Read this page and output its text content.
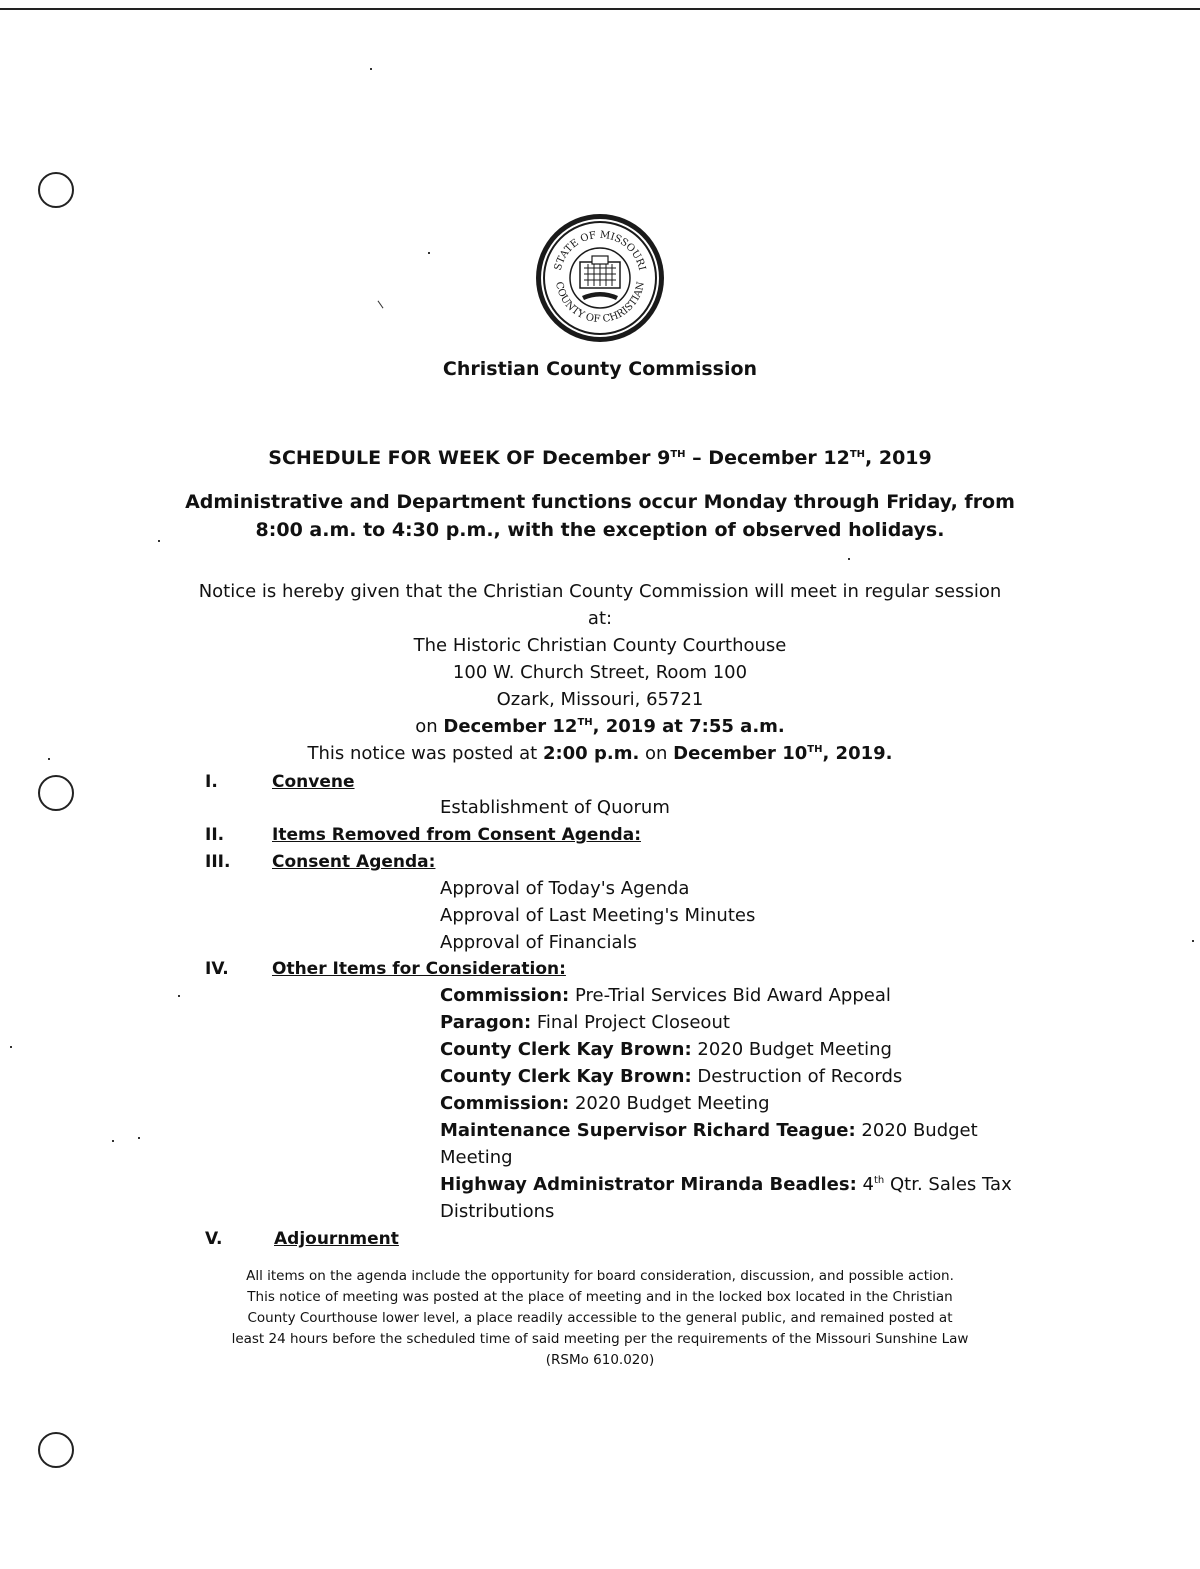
STATE OF MISSOURI
COUNTY OF CHRISTIAN
Christian County Commission
SCHEDULE FOR WEEK OF December 9TH – December 12TH, 2019
Administrative and Department functions occur Monday through Friday, from
8:00 a.m. to 4:30 p.m., with the exception of observed holidays.
Notice is hereby given that the Christian County Commission will meet in regular session
at:
The Historic Christian County Courthouse
100 W. Church Street, Room 100
Ozark, Missouri, 65721
on December 12TH, 2019 at 7:55 a.m.
This notice was posted at 2:00 p.m. on December 10TH, 2019.
I.	Convene
Establishment of Quorum
II.	Items Removed from Consent Agenda:
III. Consent Agenda:
Approval of Today's Agenda
Approval of Last Meeting's Minutes
Approval of Financials
IV.	Other Items for Consideration:
Commission: Pre-Trial Services Bid Award Appeal
Paragon: Final Project Closeout
County Clerk Kay Brown: 2020 Budget Meeting
County Clerk Kay Brown: Destruction of Records
Commission: 2020 Budget Meeting
Maintenance Supervisor Richard Teague: 2020 Budget Meeting
Highway Administrator Miranda Beadles: 4th Qtr. Sales Tax Distributions
V.	Adjournment
All items on the agenda include the opportunity for board consideration, discussion, and possible action.
This notice of meeting was posted at the place of meeting and in the locked box located in the Christian
County Courthouse lower level, a place readily accessible to the general public, and remained posted at
least 24 hours before the scheduled time of said meeting per the requirements of the Missouri Sunshine Law
(RSMo 610.020)
